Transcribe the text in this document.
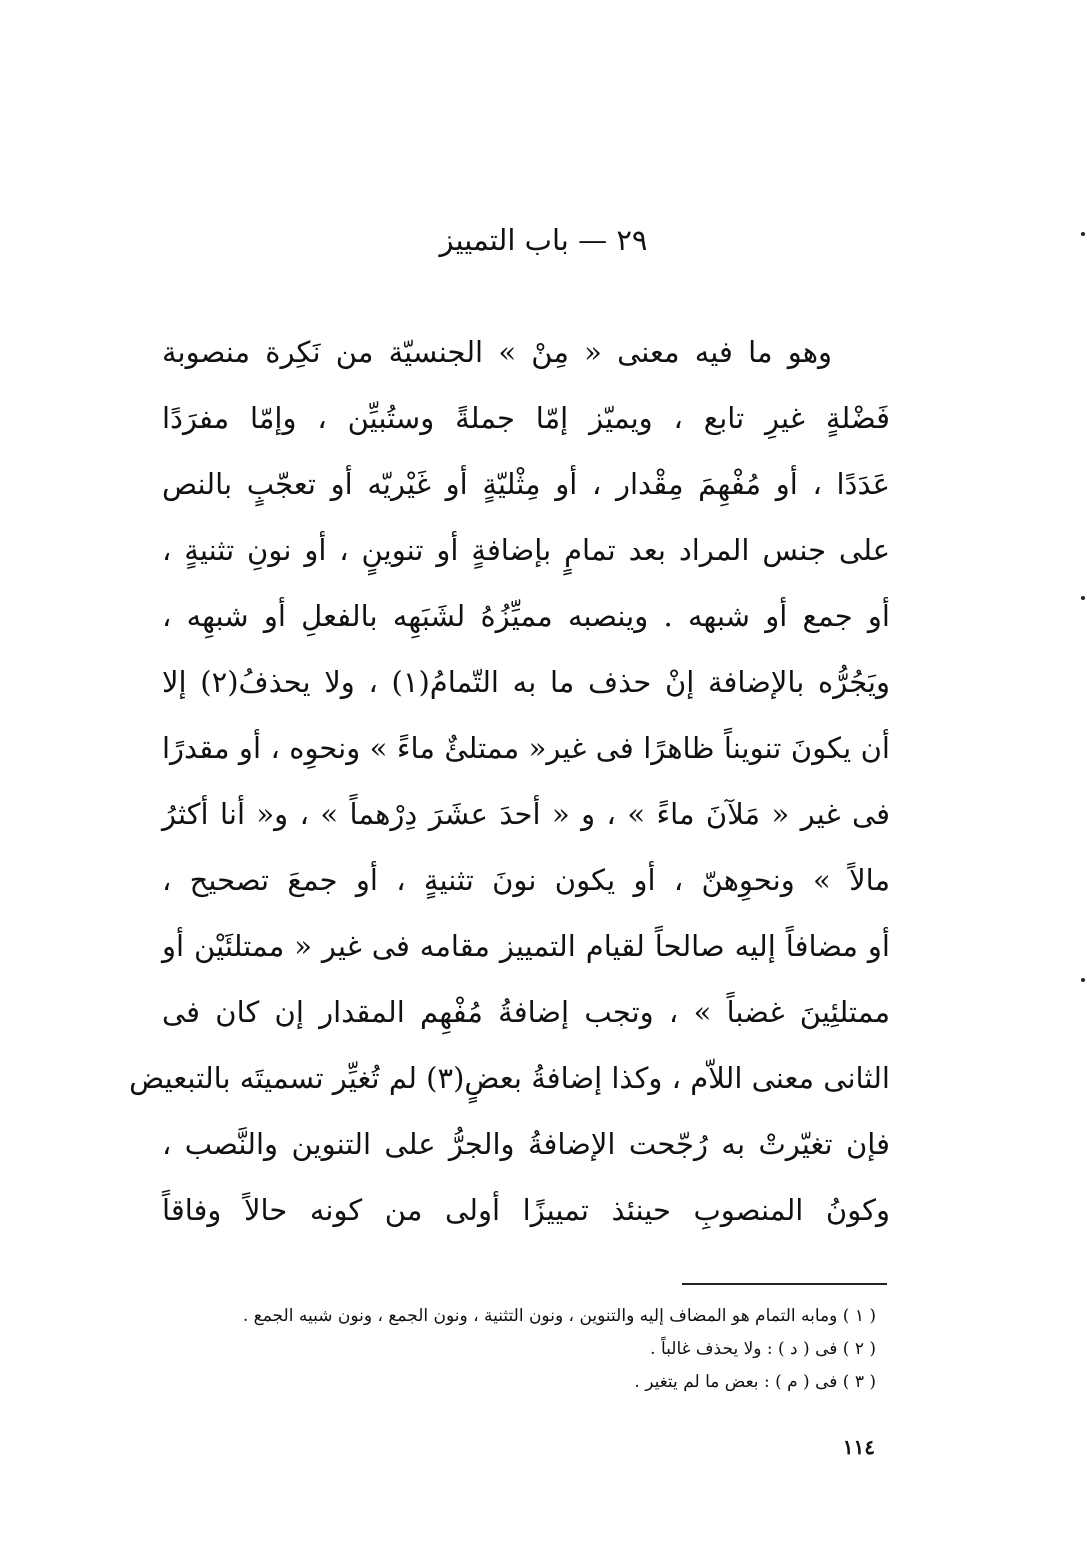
٢٩ — باب التمييز
وهو ما فيه معنى « مِنْ » الجنسيّة من نَكِرة منصوبة
فَضْلةٍ غيرِ تابع ، ويميّز إمّا جملةً وستُبيِّن ، وإمّا مفرَدًا
عَدَدًا ، أو مُفْهِمَ مِقْدار ، أو مِثْليّةٍ أو غَيْريّه أو تعجّبٍ بالنص
على جنس المراد بعد تمامٍ بإضافةٍ أو تنوينٍ ، أو نونِ تثنيةٍ ،
أو جمع أو شبهه . وينصبه مميِّزُهُ لشَبَهِه بالفعلِ أو شبهِه ،
ويَجُرُّه بالإضافة إنْ حذف ما به التّمامُ(١) ، ولا يحذفُ(٢) إلا
أن يكونَ تنويناً ظاهرًا فى غير« ممتلئٌ ماءً » ونحوِه ، أو مقدرًا
فى غير « مَلآنَ ماءً » ، و « أحدَ عشَرَ دِرْهماً » ، و« أنا أكثرُ
مالاً » ونحوِهنّ ، أو يكون نونَ تثنيةٍ ، أو جمعَ تصحيح ،
أو مضافاً إليه صالحاً لقيام التمييز مقامه فى غير « ممتلئَيْن أو
ممتلئِينَ غضباً » ، وتجب إضافةُ مُفْهِم المقدار إن كان فى
الثانى معنى اللاّم ، وكذا إضافةُ بعضٍ(٣) لم تُغيِّر تسميتَه بالتبعيض
فإن تغيّرتْ به رُجّحت الإضافةُ والجرُّ على التنوين والنَّصب ،
وكونُ المنصوبِ حينئذ تمييزًا أولى من كونه حالاً وفاقاً
( ١ ) ومابه التمام هو المضاف إليه والتنوين ، ونون التثنية ، ونون الجمع ، ونون شبيه الجمع .
( ٢ ) فى ( د ) : ولا يحذف غالباً .
( ٣ ) فى ( م ) : بعض ما لم يتغير .
١١٤
